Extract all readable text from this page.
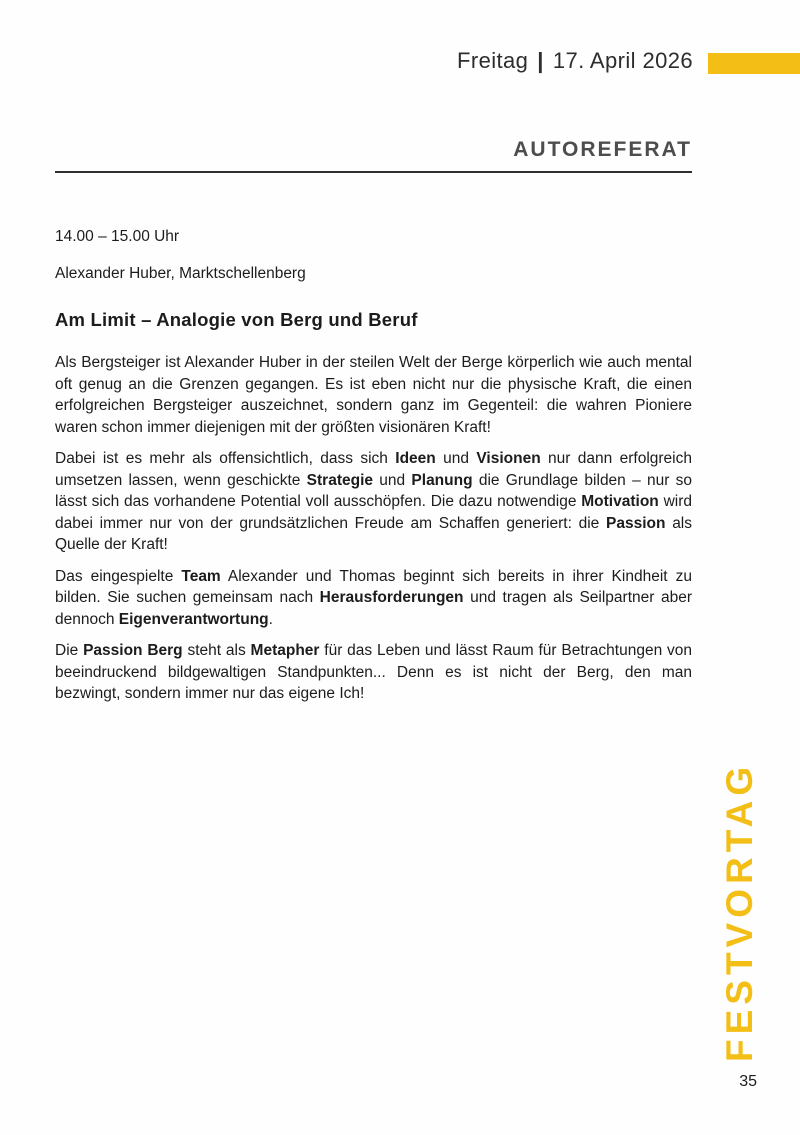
Freitag | 17. April 2026
AUTOREFERAT

14.00 – 15.00 Uhr

Alexander Huber, Marktschellenberg

Am Limit – Analogie von Berg und Beruf

Als Bergsteiger ist Alexander Huber in der steilen Welt der Berge körperlich wie auch mental oft genug an die Grenzen gegangen. Es ist eben nicht nur die physische Kraft, die einen erfolgreichen Bergsteiger auszeichnet, sondern ganz im Gegenteil: die wahren Pioniere waren schon immer diejenigen mit der größten visionären Kraft!

Dabei ist es mehr als offensichtlich, dass sich Ideen und Visionen nur dann erfolgreich umsetzen lassen, wenn geschickte Strategie und Planung die Grundlage bilden – nur so lässt sich das vorhandene Potential voll ausschöpfen. Die dazu notwendige Motivation wird dabei immer nur von der grundsätzlichen Freude am Schaffen generiert: die Passion als Quelle der Kraft!

Das eingespielte Team Alexander und Thomas beginnt sich bereits in ihrer Kindheit zu bilden. Sie suchen gemeinsam nach Herausforderungen und tragen als Seilpartner aber dennoch Eigenverantwortung.

Die Passion Berg steht als Metapher für das Leben und lässt Raum für Betrachtungen von beeindruckend bildgewaltigen Standpunkten... Denn es ist nicht der Berg, den man bezwingt, sondern immer nur das eigene Ich!

FESTVORTAG
35
